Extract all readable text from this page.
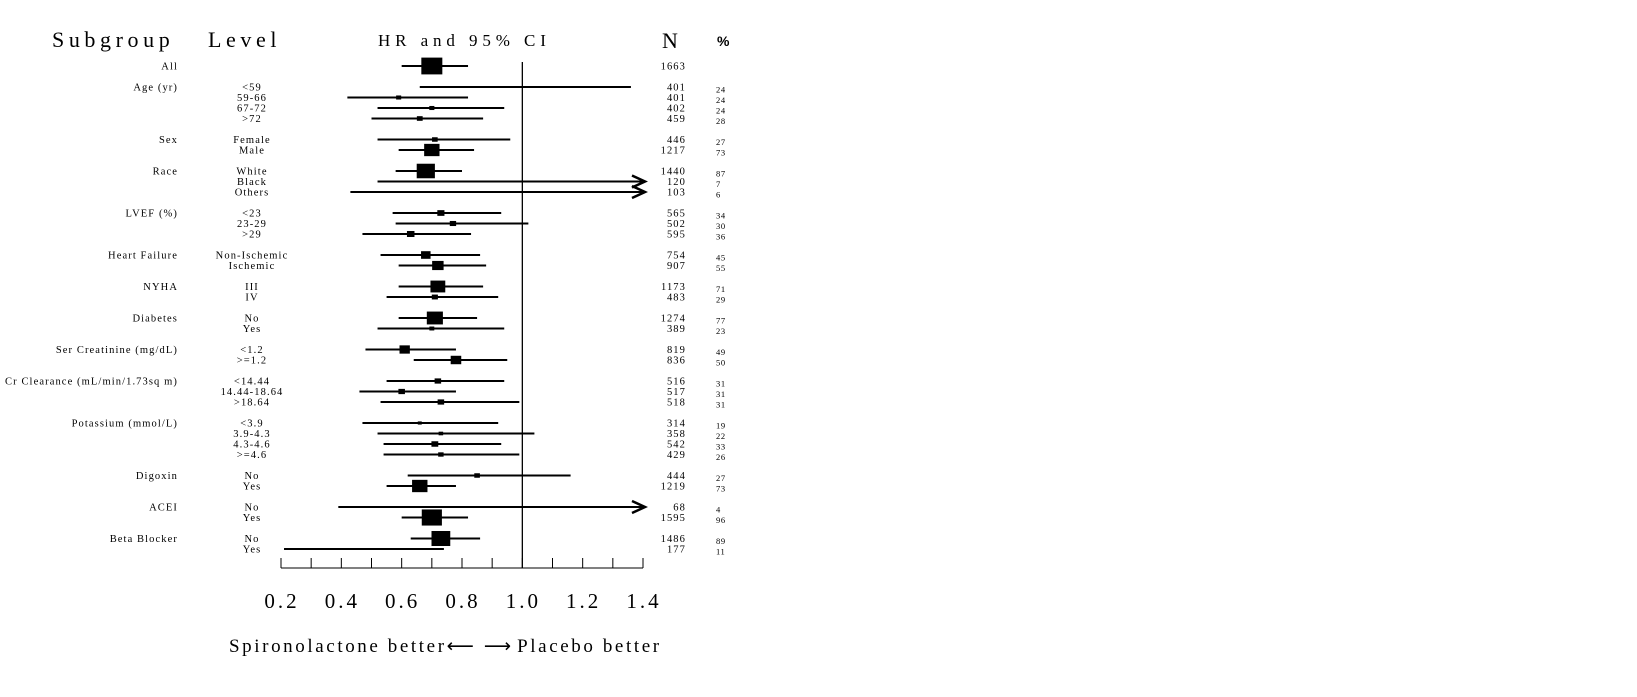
Subgroup Level	HR and 95% CI	N %
0.2 0.4 0.6 0.8 1.0 1.2 1.4
All	1663
Age (yr)	<59	401	24
59-66	401	24
67-72	402	24
>72	459	28
Sex	Female	446	27
Male	1217	73
Race	White	1440	87
Black	120	7
Others	103	6
LVEF (%)	<23	565	34
23-29	502	30
>29	595	36
Heart Failure	Non-Ischemic	754	45
Ischemic	907	55
NYHA	III	1173	71
IV	483	29
Diabetes	No	1274	77
Yes	389	23
Ser Creatinine (mg/dL)	<1.2	819	49
>=1.2	836	50
Cr Clearance (mL/min/1.73sq m)	<14.44	516	31
14.44-18.64	517	31
>18.64	518	31
Potassium (mmol/L)	<3.9	314	19
3.9-4.3	358	22
4.3-4.6	542	33
>=4.6	429	26
Digoxin	No	444	27
Yes	1219	73
ACEI	No	68	4
Yes	1595	96
Beta Blocker	No	1486	89
Yes	177	11
Spironolactone better⟵ ⟶ Placebo better
